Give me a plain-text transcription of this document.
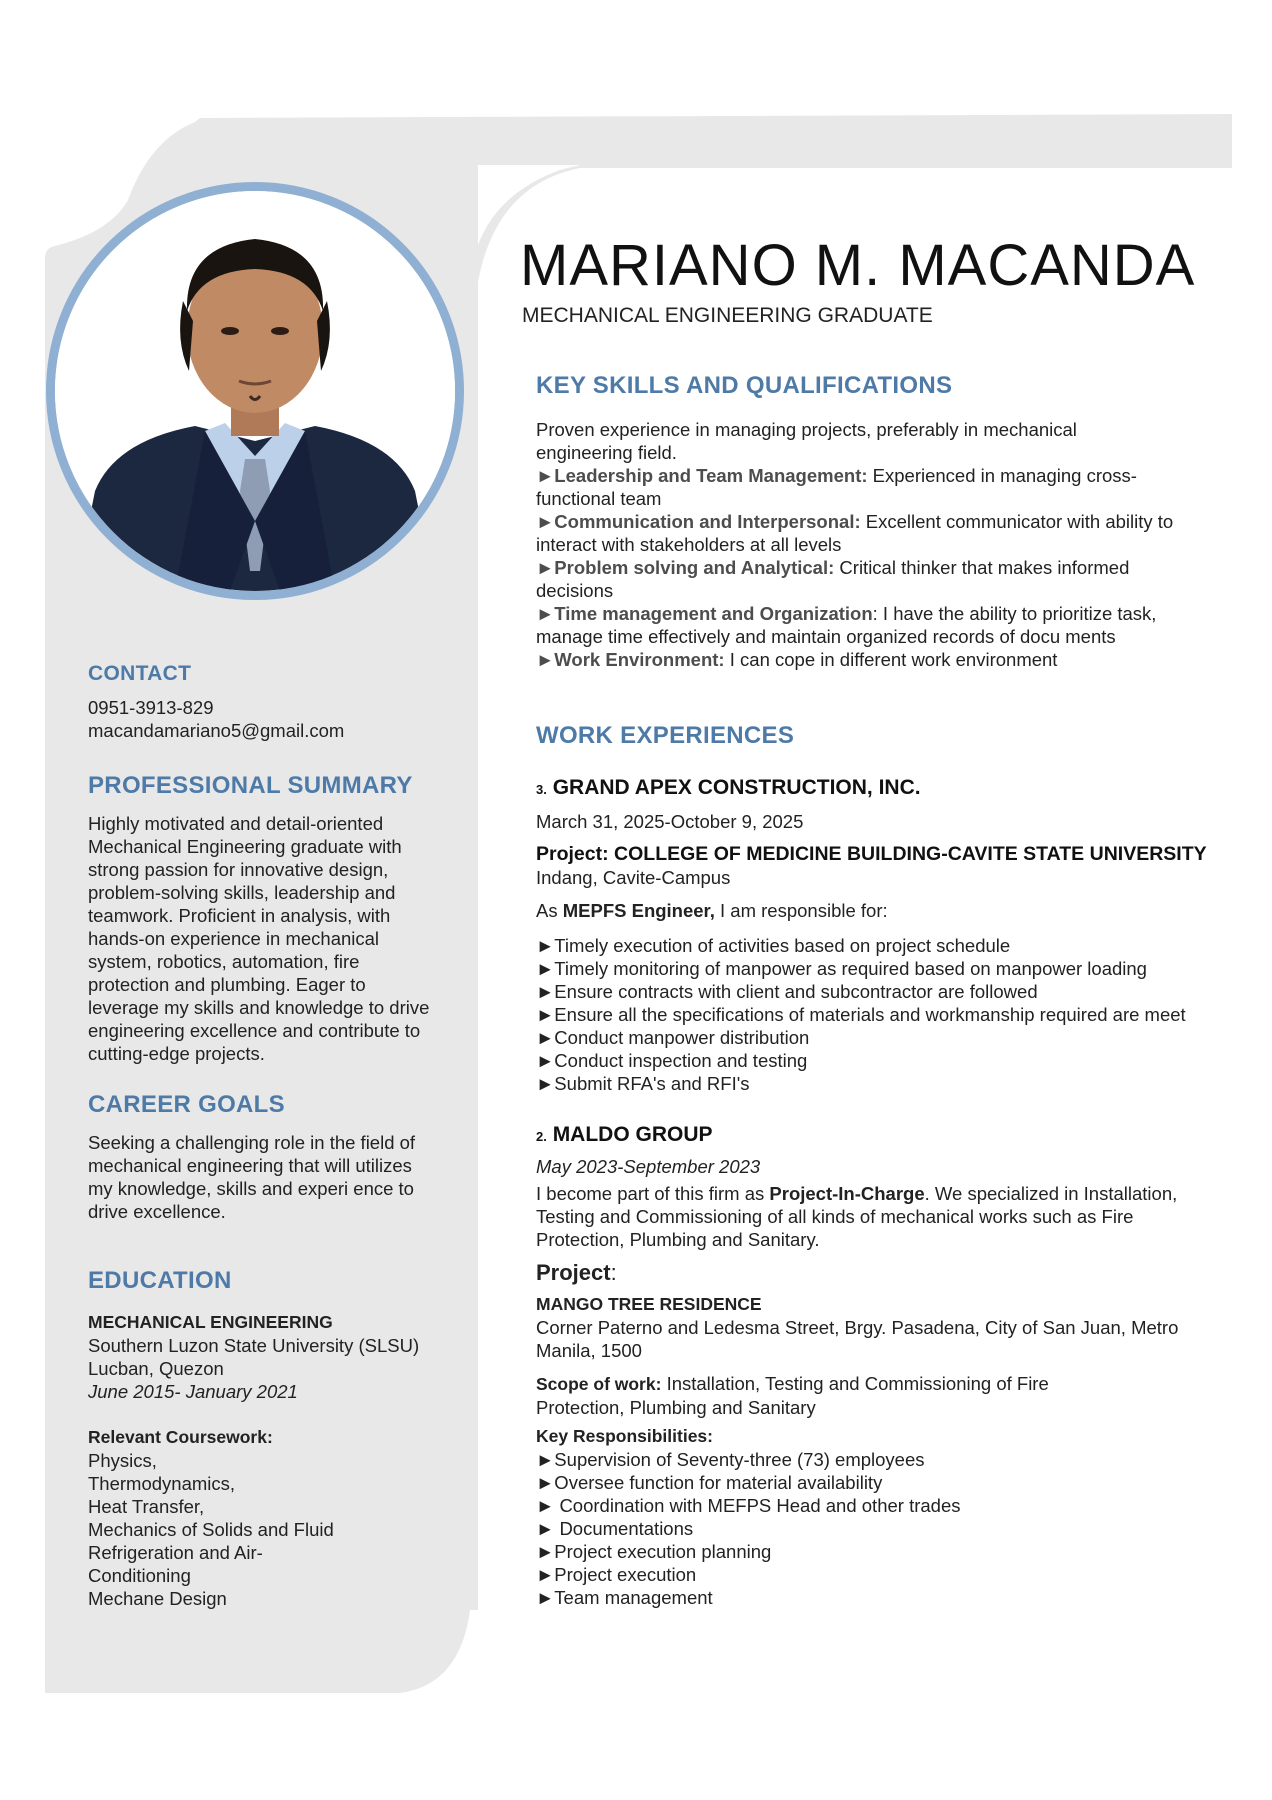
MARIANO M. MACANDA
MECHANICAL ENGINEERING GRADUATE

CONTACT

0951-3913-829

macandamariano5@gmail.com

PROFESSIONAL SUMMARY

Highly motivated and detail-oriented Mechanical Engineering graduate with strong passion for innovative design, problem-solving skills, leadership and teamwork. Proficient in analysis, with hands-on experience in mechanical system, robotics, automation, fire protection and plumbing. Eager to leverage my skills and knowledge to drive engineering excellence and contribute to cutting-edge projects.

CAREER GOALS

Seeking a challenging role in the field of mechanical engineering that will utilizes my knowledge, skills and experi ence to drive excellence.

EDUCATION

MECHANICAL ENGINEERING

Southern Luzon State University (SLSU)

Lucban, Quezon

June 2015- January 2021

Relevant Coursework:

Physics,

Thermodynamics,

Heat Transfer,

Mechanics of Solids and Fluid

Refrigeration and Air-

Conditioning

Mechane Design

KEY SKILLS AND QUALIFICATIONS

Proven experience in managing projects, preferably in mechanical engineering field.

►Leadership and Team Management: Experienced in managing cross-functional team

►Communication and Interpersonal: Excellent communicator with ability to interact with stakeholders at all levels

►Problem solving and Analytical: Critical thinker that makes informed decisions

►Time management and Organization: I have the ability to prioritize task, manage time effectively and maintain organized records of docu ments

►Work Environment: I can cope in different work environment

WORK EXPERIENCES

3. GRAND APEX CONSTRUCTION, INC.

March 31, 2025-October 9, 2025

Project: COLLEGE OF MEDICINE BUILDING-CAVITE STATE UNIVERSITY

Indang, Cavite-Campus

As MEPFS Engineer, I am responsible for:

►Timely execution of activities based on project schedule
►Timely monitoring of manpower as required based on manpower loading
►Ensure contracts with client and subcontractor are followed
►Ensure all the specifications of materials and workmanship required are meet
►Conduct manpower distribution
►Conduct inspection and testing
►Submit RFA's and RFI's

2. MALDO GROUP

May 2023-September 2023

I become part of this firm as Project-In-Charge. We specialized in Installation, Testing and Commissioning of all kinds of mechanical works such as Fire Protection, Plumbing and Sanitary.

Project:

MANGO TREE RESIDENCE

Corner Paterno and Ledesma Street, Brgy. Pasadena, City of San Juan, Metro Manila, 1500

Scope of work: Installation, Testing and Commissioning of Fire Protection, Plumbing and Sanitary

Key Responsibilities:

►Supervision of Seventy-three (73) employees
►Oversee function for material availability
► Coordination with MEFPS Head and other trades
► Documentations
►Project execution planning
►Project execution
►Team management
